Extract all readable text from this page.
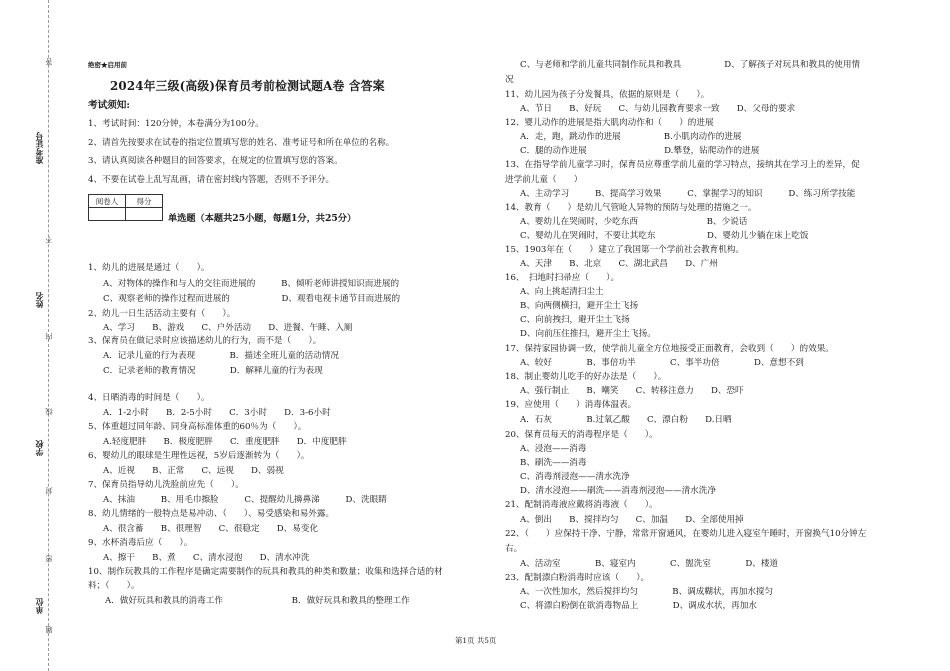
准考证号
姓名
学校
单位
密
封
线
内
不
答
题
绝密★启用前
2024年三级(高级)保育员考前检测试题A卷 含答案
考试须知:
1、考试时间：120分钟，本卷满分为100分。
2、请首先按要求在试卷的指定位置填写您的姓名、准考证号和所在单位的名称。
3、请认真阅读各种题目的回答要求，在规定的位置填写您的答案。
4、不要在试卷上乱写乱画，请在密封线内答题，否则不予评分。
阅卷人	得分

单选题（本题共25小题，每题1分，共25分）
1、幼儿的进展是通过（　　）。
A、对物体的操作和与人的交往而进展的　　　B、倾听老师讲授知识而进展的
C、观察老师的操作过程而进展的　　　　　　D、观看电视卡通节目而进展的
2、幼儿一日生活活动主要有（　　）。
A、学习　　B、游戏　　C、户外活动　　D、进餐、午睡、入厕
3、保育员在做记录时应该描述幼儿的行为，而不是（　　）。
A．记录儿童的行为表现　　　　B．描述全班儿童的活动情况
C．记录老师的教育情况　　　　D．解释儿童的行为表现
4、日晒消毒的时间是（　　）。
A．1-2小时　　B．2-5小时　　C．3小时　　D．3-6小时
5、体重超过同年龄、同身高标准体重的60％为（　　）。
A.轻度肥胖　　B．极度肥胖　　C．重度肥胖　　D．中度肥胖
6、婴幼儿的眼球是生理性远视，5岁后逐渐转为（　　）。
A、近视　　B、正常　　C、远视　　D、弱视
7、保育员指导幼儿洗脸前应先（　　）。
A、抹油　　　B、用毛巾擦脸　　　C、提醒幼儿擤鼻涕　　　D、洗眼睛
8、幼儿情绪的一般特点是易冲动、（　　）、易受感染和易外露。
A、很含蓄　　B、很理智　　C、很稳定　　D、易变化
9、水杯消毒后应（　　）。
A、擦干　　B、煮　　C、清水浸泡　　D、清水冲洗
10、制作玩教具的工作程序是确定需要制作的玩具和教具的种类和数量；收集和选择合适的材
料；（　　）。
A．做好玩具和教具的消毒工作　　　　　　　　B．做好玩具和教具的整理工作
C、与老师和学前儿童共同制作玩具和教具　　　　　D、了解孩子对玩具和教具的使用情
况
11、幼儿园为孩子分发餐具，依据的原则是（　　）。
A、节日　　B、好玩　　C、与幼儿园教育要求一致　　D、父母的要求
12、婴儿动作的进展是指大肌肉动作和（　　）的进展
A．走，跑，跳动作的进展　　　　　B.小肌肉动作的进展
C．腿的动作进展　　　　　　　　　D.攀登，钻爬动作的进展
13、在指导学前儿童学习时，保育员应尊重学前儿童的学习特点，接纳其在学习上的差异，促
进学前儿童（　　）
A、主动学习　　　B、提高学习效果　　　C、掌握学习的知识　　　D、练习所学技能
14、教育（　　）是幼儿气管呛人异物的预防与处理的措施之一。
A、婴幼儿在哭闹时，少吃东西　　　　　　　　B、少说话
C、婴幼儿在哭闹时，不要让其吃东　　　　　　D、婴幼儿少躺在床上吃饭
15、1903年在（　　）建立了我国第一个学前社会教育机构。
A、天津　　B、北京　　C、湖北武昌　　D、广州
16、　扫地时扫帚应（　　）。
A、向上挑起清扫尘土
B、向两侧横扫，避开尘土飞扬
C、向前拽扫，避开尘土飞扬
D、向前压住推扫，避开尘土飞扬。
17、保持家园协调一致，使学前儿童全方位地接受正面教育，会收到（　　）的效果。
A、较好　　　　B、事倍功半　　　　C、事半功倍　　　　D、意想不到
18、制止婴幼儿吃手的好办法是（　　）。
A、强行制止　　B、嘲笑　　C、转移注意力　　D、恐吓
19、应使用（　　）消毒体温表。
A．石灰　　　　B.过氧乙酸　　C、漂白粉　　D.日晒
20、保育员每天的消毒程序是（　　）。
A、浸泡——消毒
B、刷洗——消毒
C、消毒剂浸泡——清水洗净
D、清水浸泡——刷洗——消毒剂浸泡——清水洗净
21、配制消毒液应戴将消毒液（　　）。
A、倒出　　B、搅拌均匀　　C、加温　　D、全部使用掉
22、（　　）应保持干净、宁静，常常开窗通风，在婴幼儿进入寝室午睡时，开窗换气10分钟左
右。
A、活动室　　　　B、寝室内　　　　C、盥洗室　　　　D、楼道
23、配制漂白粉消毒时应该（　　）。
A、一次性加水，然后搅拌均匀　　　　B、调成糊状，再加水搅匀
C、将漂白粉倒在欲消毒物品上　　　　D、调成水状，再加水
第1页 共5页
